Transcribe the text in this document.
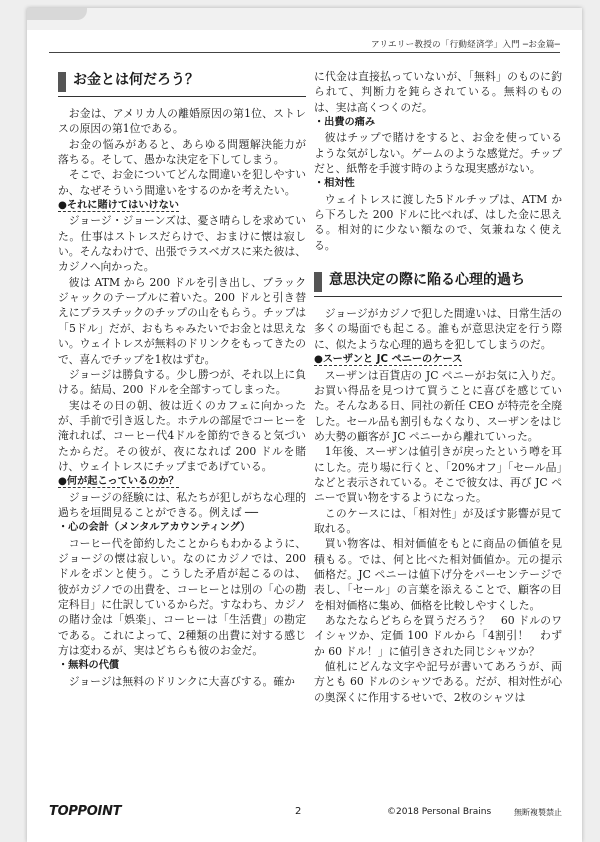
アリエリー教授の「行動経済学」入門 ─お金篇─
お金とは何だろう？

お金は、アメリカ人の離婚原因の第1位、ストレスの原因の第1位である。

お金の悩みがあると、あらゆる問題解決能力が落ちる。そして、愚かな決定を下してしまう。

そこで、お金についてどんな間違いを犯しやすいか、なぜそういう間違いをするのかを考えたい。

●それに賭けてはいけない

ジョージ・ジョーンズは、憂さ晴らしを求めていた。仕事はストレスだらけで、おまけに懐は寂しい。そんなわけで、出張でラスベガスに来た彼は、カジノへ向かった。

彼は ATM から 200 ドルを引き出し、ブラックジャックのテーブルに着いた。200 ドルと引き替えにプラスチックのチップの山をもらう。チップは「5ドル」だが、おもちゃみたいでお金とは思えない。ウェイトレスが無料のドリンクをもってきたので、喜んでチップを1枚はずむ。

ジョージは勝負する。少し勝つが、それ以上に負ける。結局、200 ドルを全部すってしまった。

実はその日の朝、彼は近くのカフェに向かったが、手前で引き返した。ホテルの部屋でコーヒーを淹れれば、コーヒー代4ドルを節約できると気づいたからだ。その彼が、夜になれば 200 ドルを賭け、ウェイトレスにチップまであげている。

●何が起こっているのか？

ジョージの経験には、私たちが犯しがちな心理的過ちを垣間見ることができる。例えば ──

・心の会計（メンタルアカウンティング）

コーヒー代を節約したことからもわかるように、ジョージの懐は寂しい。なのにカジノでは、200 ドルをポンと使う。こうした矛盾が起こるのは、彼がカジノでの出費を、コーヒーとは別の「心の勘定科目」に仕訳しているからだ。すなわち、カジノの賭け金は「娯楽」、コーヒーは「生活費」の勘定である。これによって、2種類の出費に対する感じ方は変わるが、実はどちらも彼のお金だ。

・無料の代償

ジョージは無料のドリンクに大喜びする。確か

に代金は直接払っていないが、「無料」のものに釣られて、判断力を鈍らされている。無料のものは、実は高くつくのだ。

・出費の痛み

彼はチップで賭けをすると、お金を使っているような気がしない。ゲームのような感覚だ。チップだと、紙幣を手渡す時のような現実感がない。

・相対性

ウェイトレスに渡した5ドルチップは、ATM から下ろした 200 ドルに比べれば、はした金に思える。相対的に少ない額なので、気兼ねなく使える。

意思決定の際に陥る心理的過ち

ジョージがカジノで犯した間違いは、日常生活の多くの場面でも起こる。誰もが意思決定を行う際に、似たような心理的過ちを犯してしまうのだ。

●スーザンと JC ペニーのケース

スーザンは百貨店の JC ペニーがお気に入りだ。お買い得品を見つけて買うことに喜びを感じていた。そんなある日、同社の新任 CEO が特売を全廃した。セール品も割引もなくなり、スーザンをはじめ大勢の顧客が JC ペニーから離れていった。

1年後、スーザンは値引きが戻ったという噂を耳にした。売り場に行くと、「20%オフ」「セール品」などと表示されている。そこで彼女は、再び JC ペニーで買い物をするようになった。

このケースには、「相対性」が及ぼす影響が見て取れる。

買い物客は、相対価値をもとに商品の価値を見積もる。では、何と比べた相対価値か。元の提示価格だ。JC ペニーは値下げ分をパーセンテージで表し、「セール」の言葉を添えることで、顧客の目を相対価格に集め、価格を比較しやすくした。

あなたならどちらを買うだろう？　60 ドルのワイシャツか、定価 100 ドルから「4割引！　わずか 60 ドル！」に値引きされた同じシャツか？

値札にどんな文字や記号が書いてあろうが、両方とも 60 ドルのシャツである。だが、相対性が心の奥深くに作用するせいで、2枚のシャツは

TOPPOINT	2	©2018 Personal Brains	無断複製禁止
